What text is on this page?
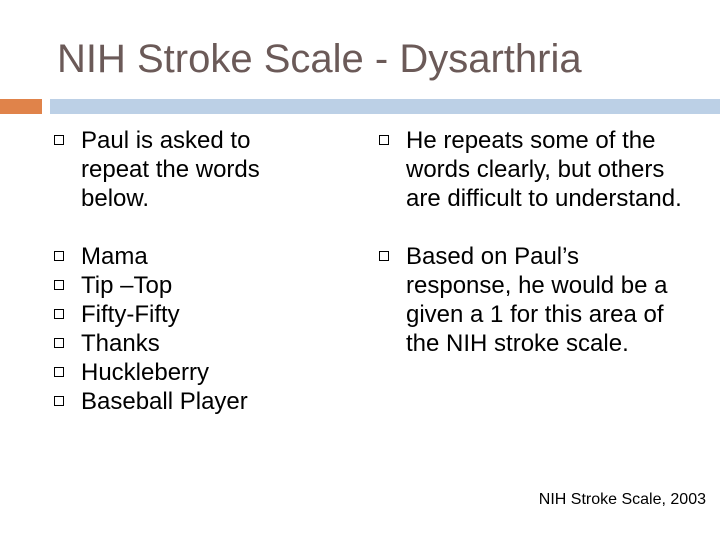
NIH Stroke Scale - Dysarthria
Paul is asked to repeat the words below.
Mama
Tip –Top
Fifty-Fifty
Thanks
Huckleberry
Baseball Player
He repeats some of the words clearly, but others are difficult to understand.
Based on Paul’s response, he would be a given a 1 for this area of the NIH stroke scale.
NIH Stroke Scale, 2003
